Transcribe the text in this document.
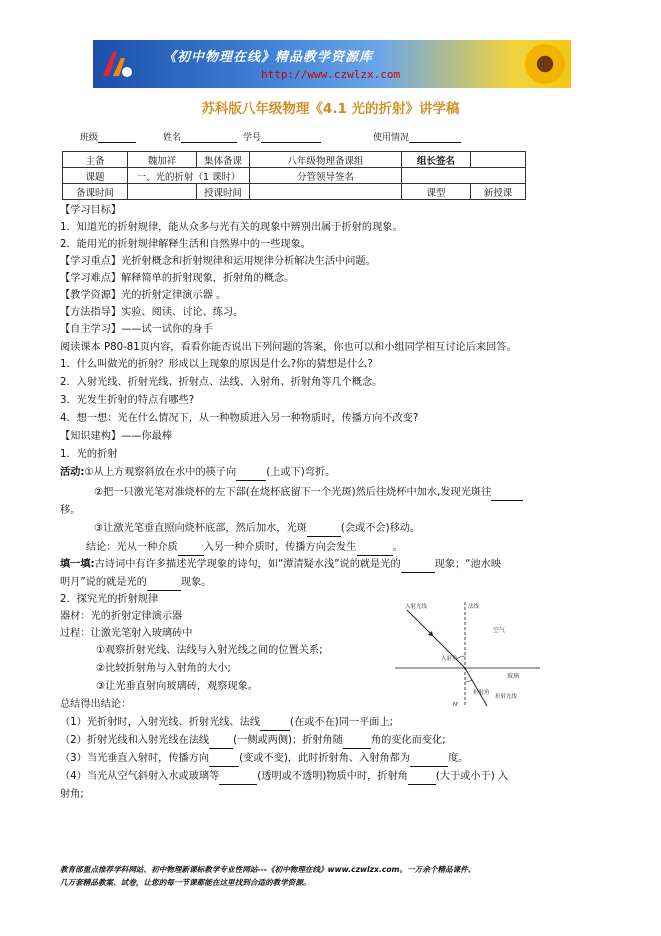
《初中物理在线》精品教学资源库
http://www.czwlzx.com
苏科版八年级物理《4.1 光的折射》讲学稿
班级	姓名	学号	使用情况
主备	魏加祥	集体备课	八年级物理备课组	组长签名	
课题	一、光的折射（1 课时）		分管领导签名		
备课时间		授课时间		课型	新授课
【学习目标】
1．知道光的折射规律，能从众多与光有关的现象中辨别出属于折射的现象。
2．能用光的折射规律解释生活和自然界中的一些现象。
【学习重点】光折射概念和折射规律和运用规律分析解决生活中问题。
【学习难点】解释简单的折射现象，折射角的概念。
【教学资源】光的折射定律演示器 。
【方法指导】实验、阅读、讨论、练习。
【自主学习】——试一试你的身手
阅读课本 P80-81页内容，看看你能否说出下列问题的答案，你也可以和小组同学相互讨论后来回答。
1．什么叫做光的折射？形成以上现象的原因是什么?你的猜想是什么?
2．入射光线、折射光线、折射点、法线、入射角、折射角等几个概念。
3．光发生折射的特点有哪些?
4．想一想：光在什么情况下，从一种物质进入另一种物质时，传播方向不改变?
【知识建构】——你最棒
1．光的折射
活动:①从上方观察斜放在水中的筷子向	(上或下)弯折。
②把一只激光笔对准烧杯的左下部(在烧杯底留下一个光斑)然后往烧杯中加水,发现光斑往
移。
③让激光笔垂直照向烧杯底部，然后加水，光斑	(会或不会)移动。
结论：光从一种介质	入另一种介质时，传播方向会发生	。
填一填:古诗词中有许多描述光学现象的诗句，如“潭清疑水浅”说的就是光的	现象；“池水映
明月”说的就是光的	现象。
2．探究光的折射规律
器材：光的折射定律演示器
过程：让激光笔射入玻璃砖中
①观察折射光线、法线与入射光线之间的位置关系;
②比较折射角与入射角的大小;
③让光垂直射向玻璃砖，观察现象。
总结得出结论：
（1）光折射时，入射光线、折射光线、法线	(在或不在)同一平面上;
（2）折射光线和入射光线在法线 (一侧或两侧)；折射角随	角的变化而变化;
（3）当光垂直入射时，传播方向	(变或不变)，此时折射角、入射角都为	度。
（4）当光从空气斜射入水或玻璃等	(透明或不透明)物质中时，折射角	(大于或小于) 入
射角;
入射光线	法线
空气
入射角
玻璃
折射角
折射光线
N'
教育部重点推荐学科网站、初中物理新课标教学专业性网站---《初中物理在线》www.czwlzx.com。一万余个精品课件、
几万套精品教案、试卷，让您的每一节课都能在这里找到合适的教学资源。
